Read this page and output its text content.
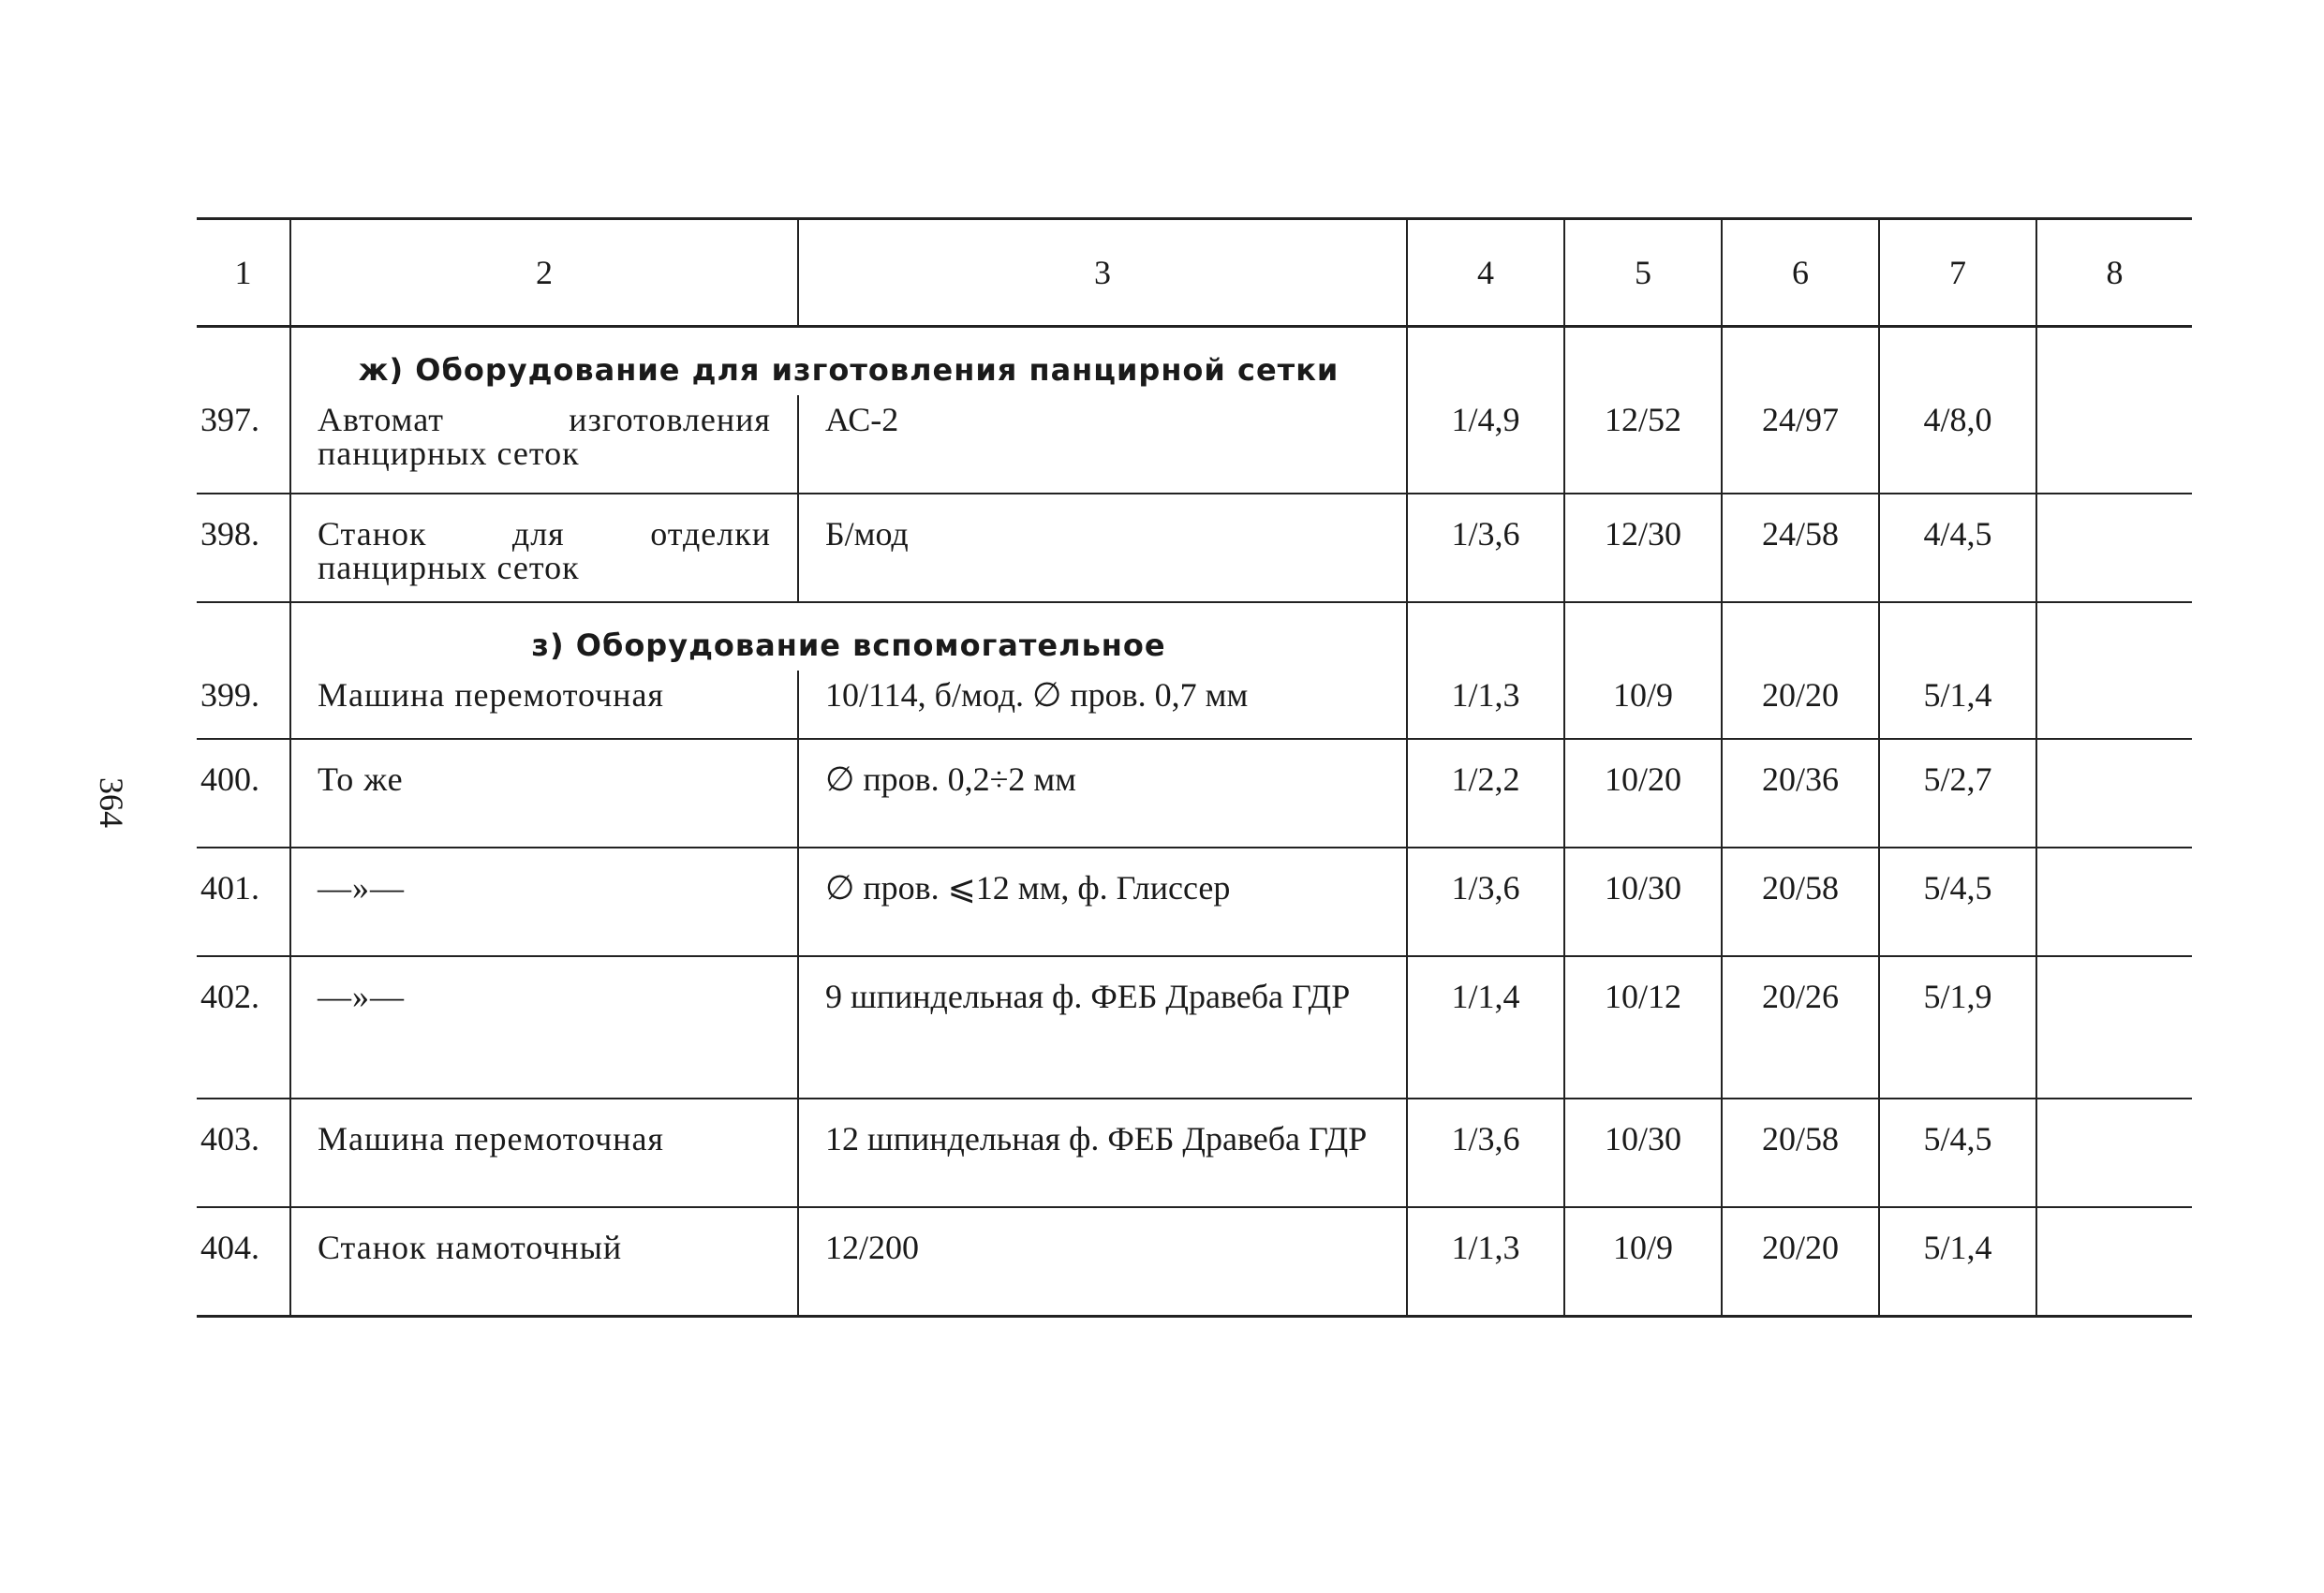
364
1	2	3	4	5	6	7	8
	ж) Оборудование для изготовления панцирной сетки						
397.	Автомат изготовления панцирных сеток	АС-2	1/4,9	12/52	24/97	4/8,0	
398.	Станок для отделки панцирных сеток	Б/мод	1/3,6	12/30	24/58	4/4,5	
	з) Оборудование вспомогательное						
399.	Машина перемоточная	10/114, б/мод. ∅ пров. 0,7 мм	1/1,3	10/9	20/20	5/1,4	
400.	То же	∅ пров. 0,2÷2 мм	1/2,2	10/20	20/36	5/2,7	
401.	—»—	∅ пров. ⩽12 мм, ф. Глиссер	1/3,6	10/30	20/58	5/4,5	
402.	—»—	9 шпиндельная ф. ФЕБ Дравеба ГДР	1/1,4	10/12	20/26	5/1,9	
403.	Машина перемоточная	12 шпиндельная ф. ФЕБ Дравеба ГДР	1/3,6	10/30	20/58	5/4,5	
404.	Станок намоточный	12/200	1/1,3	10/9	20/20	5/1,4	
